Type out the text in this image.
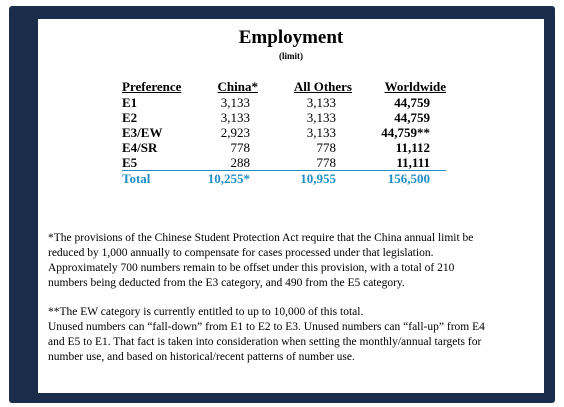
Employment
(limit)
Preference	China*	All Others	Worldwide
E1	3,133	3,133	44,759
E2	3,133	3,133	44,759
E3/EW	2,923	3,133	44,759**
E4/SR	778	778	11,112
E5	288	778	11,111
Total	10,255*	10,955	156,500

*The provisions of the Chinese Student Protection Act require that the China annual limit be
reduced by 1,000 annually to compensate for cases processed under that legislation.
Approximately 700 numbers remain to be offset under this provision, with a total of 210
numbers being deducted from the E3 category, and 490 from the E5 category.

**The EW category is currently entitled to up to 10,000 of this total.
Unused numbers can “fall-down” from E1 to E2 to E3. Unused numbers can “fall-up” from E4
and E5 to E1. That fact is taken into consideration when setting the monthly/annual targets for
number use, and based on historical/recent patterns of number use.
